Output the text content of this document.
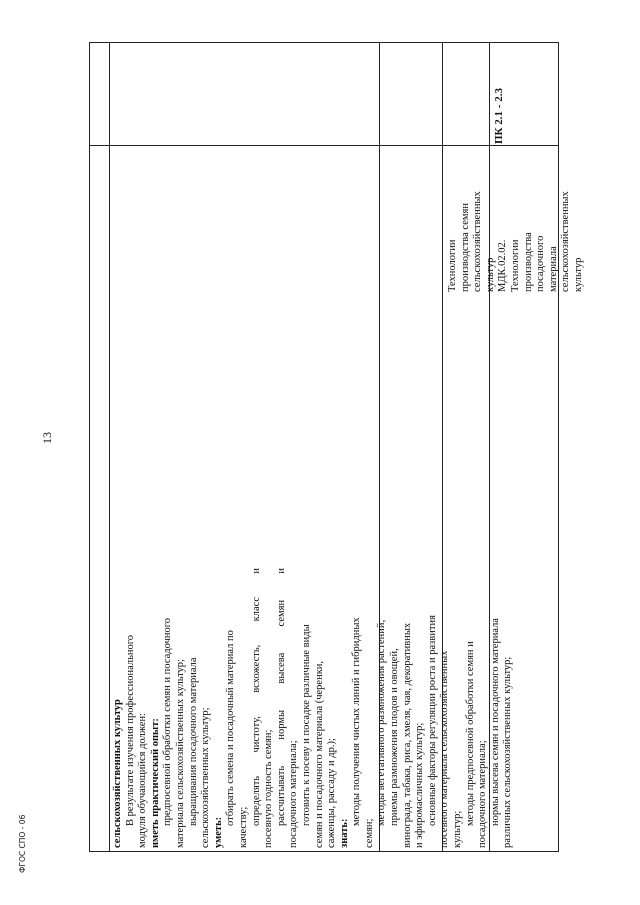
сельскохозяйственных культур В результате изучения профессионального модуля обучающийся должен: иметь практический опыт: предпосевной обработки семян и посадочного материала сельскохозяйственных культур; выращивания посадочного материала сельскохозяйственных культур; уметь:

отбирать семена и посадочный материал по

качеству;

определять чистоту, всхожесть, класс и посевную годность семян; рассчитывать нормы высева семян и посадочного материала; готовить к посеву и посадке различные виды семян и посадочного материала (черенки, саженцы, рассаду и др.); знать:

методы получения чистых линий и гибридных

семян;

методы вегетативного размножения растений; приемы размножения плодов и овощей, винограда, табака, риса, хмеля, чая, декоративных и эфиромасличных культур; основные факторы регуляции роста и развития посевного материала сельскохозяйственных культур;

методы предпосевной обработки семян и посадочного материала; нормы высева семян и посадочного материала различных сельскохозяйственных культур;

Технологии производства семян сельскохозяйственных культур МДК.02.02. Технологии производства посадочного материала сельскохозяйственных культур

ПК 2.1 - 2.3
13
ФГОС СПО - 06
